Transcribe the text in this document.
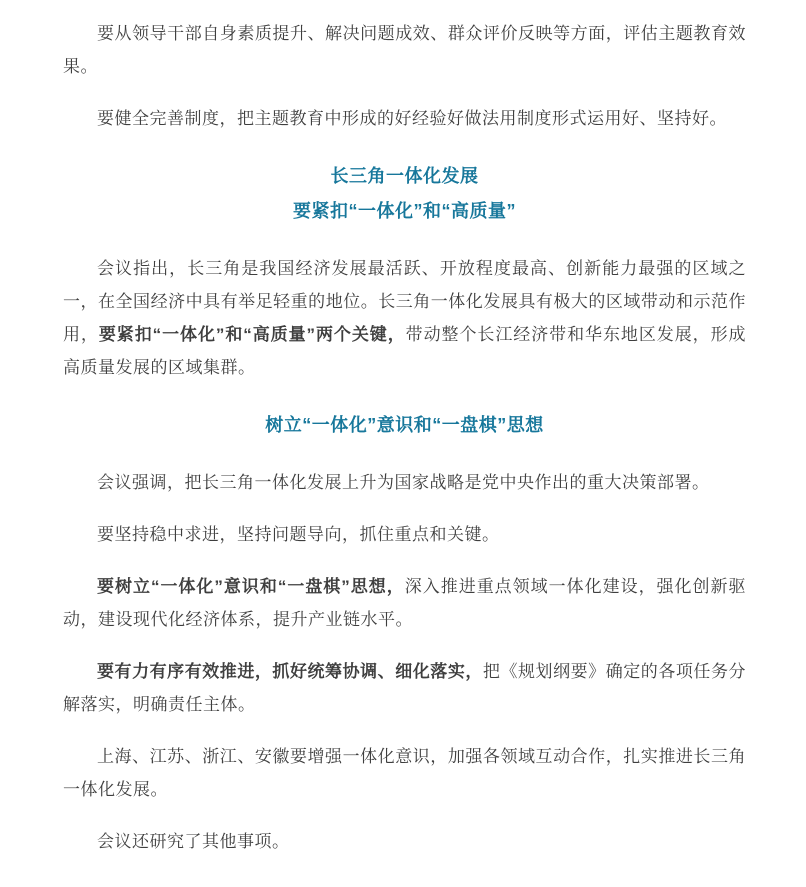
要从领导干部自身素质提升、解决问题成效、群众评价反映等方面，评估主题教育效果。

要健全完善制度，把主题教育中形成的好经验好做法用制度形式运用好、坚持好。

长三角一体化发展
要紧扣“一体化”和“高质量”

会议指出，长三角是我国经济发展最活跃、开放程度最高、创新能力最强的区域之一，在全国经济中具有举足轻重的地位。长三角一体化发展具有极大的区域带动和示范作用，要紧扣“一体化”和“高质量”两个关键，带动整个长江经济带和华东地区发展，形成高质量发展的区域集群。

树立“一体化”意识和“一盘棋”思想

会议强调，把长三角一体化发展上升为国家战略是党中央作出的重大决策部署。

要坚持稳中求进，坚持问题导向，抓住重点和关键。

要树立“一体化”意识和“一盘棋”思想，深入推进重点领域一体化建设，强化创新驱动，建设现代化经济体系，提升产业链水平。

要有力有序有效推进，抓好统筹协调、细化落实，把《规划纲要》确定的各项任务分解落实，明确责任主体。

上海、江苏、浙江、安徽要增强一体化意识，加强各领域互动合作，扎实推进长三角一体化发展。

会议还研究了其他事项。
